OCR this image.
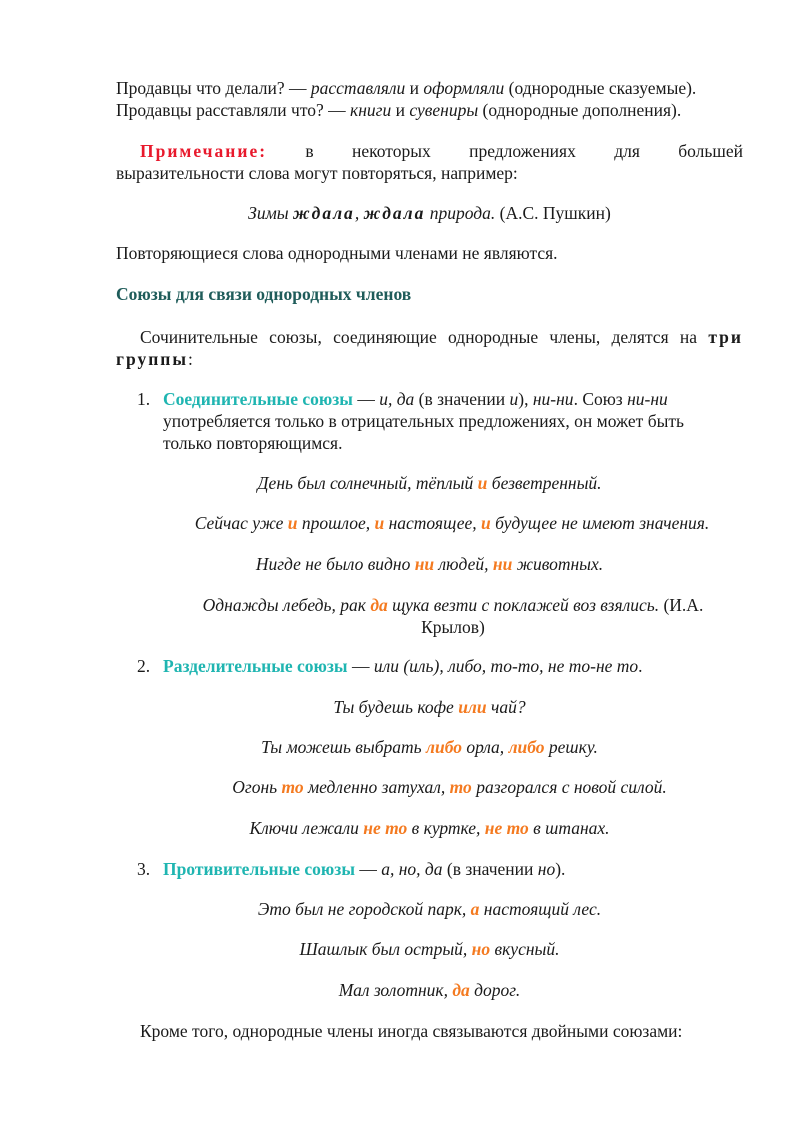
Продавцы что делали? — расставляли и оформляли (однородные сказуемые).

Продавцы расставляли что? — книги и сувениры (однородные дополнения).

Примечание: в некоторых предложениях для большей

выразительности слова могут повторяться, например:

Зимы ждала, ждала природа. (А.С. Пушкин)

Повторяющиеся слова однородными членами не являются.

Союзы для связи однородных членов

Сочинительные союзы, соединяющие однородные члены, делятся на три

группы:

1. Соединительные союзы — и, да (в значении и), ни-ни. Союз ни-ни
употребляется только в отрицательных предложениях, он может быть
только повторяющимся.

День был солнечный, тёплый и безветренный.

Сейчас уже и прошлое, и настоящее, и будущее не имеют значения.

Нигде не было видно ни людей, ни животных.

Однажды лебедь, рак да щука везти с поклажей воз взялись. (И.А.
Крылов)

2. Разделительные союзы — или (иль), либо, то-то, не то-не то.

Ты будешь кофе или чай?

Ты можешь выбрать либо орла, либо решку.

Огонь то медленно затухал, то разгорался с новой силой.

Ключи лежали не то в куртке, не то в штанах.

3. Противительные союзы — а, но, да (в значении но).

Это был не городской парк, а настоящий лес.

Шашлык был острый, но вкусный.

Мал золотник, да дорог.

Кроме того, однородные члены иногда связываются двойными союзами:
